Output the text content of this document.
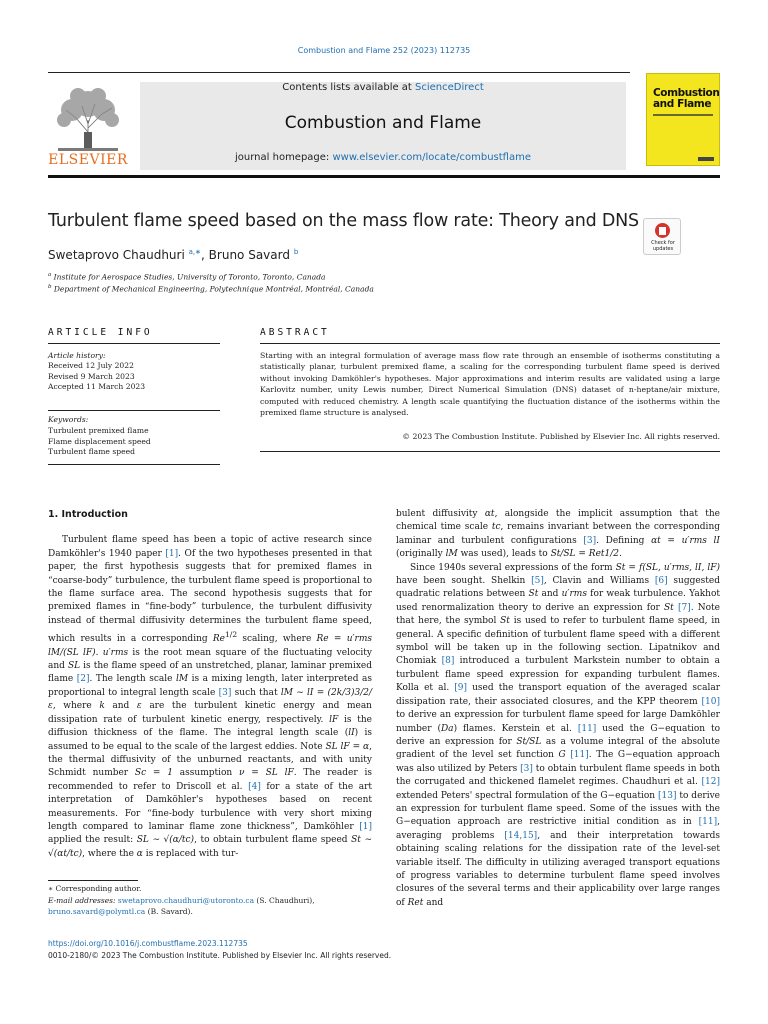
Combustion and Flame 252 (2023) 112735
ELSEVIER
Contents lists available at ScienceDirect
Combustion and Flame
journal homepage: www.elsevier.com/locate/combustflame
Combustion and Flame
Turbulent flame speed based on the mass flow rate: Theory and DNS
Check for updates
Swetaprovo Chaudhuri $^{a,∗}$, Bruno Savard $^b$
$^a$ Institute for Aerospace Studies, University of Toronto, Toronto, Canada
$^b$ Department of Mechanical Engineering, Polytechnique Montréal, Montréal, Canada
ARTICLE INFO	ABSTRACT
Article history:
Received 12 July 2022
Revised 9 March 2023
Accepted 11 March 2023
Keywords:
Turbulent premixed flame
Flame displacement speed
Turbulent flame speed
Starting with an integral formulation of average mass flow rate through an ensemble of isotherms constituting a statistically planar, turbulent premixed flame, a scaling for the corresponding turbulent flame speed is derived without invoking Damköhler's hypotheses. Major approximations and interim results are validated using a large Karlovitz number, unity Lewis number, Direct Numerical Simulation (DNS) dataset of n-heptane/air mixture, computed with reduced chemistry. A length scale quantifying the fluctuation distance of the isotherms within the premixed flame structure is analysed.
© 2023 The Combustion Institute. Published by Elsevier Inc. All rights reserved.
1. Introduction

Turbulent flame speed has been a topic of active research since Damköhler's 1940 paper [1]. Of the two hypotheses presented in that paper, the first hypothesis suggests that for premixed flames in “coarse-body” turbulence, the turbulent flame speed is proportional to the flame surface area. The second hypothesis suggests that for premixed flames in “fine-body” turbulence, the turbulent diffusivity instead of thermal diffusivity determines the turbulent flame speed, which results in a corresponding $Re^{1/2}$ scaling, where Re = u′rms lM/(SL lF). u′rms is the root mean square of the fluctuating velocity and SL is the flame speed of an unstretched, planar, laminar premixed flame [2]. The length scale lM is a mixing length, later interpreted as proportional to integral length scale [3] such that lM ∼ lI = (2k/3)3/2/ε, where k and ε are the turbulent kinetic energy and mean dissipation rate of turbulent kinetic energy, respectively. lF is the diffusion thickness of the flame. The integral length scale (lI) is assumed to be equal to the scale of the largest eddies. Note SL lF = α, the thermal diffusivity of the unburned reactants, and with unity Schmidt number Sc = 1 assumption ν = SL lF. The reader is recommended to refer to Driscoll et al. [4] for a state of the art interpretation of Damköhler's hypotheses based on recent measurements. For “fine-body turbulence with very short mixing length compared to laminar flame zone thickness”, Damköhler [1] applied the result: SL ∼ √(α/tc), to obtain turbulent flame speed St ∼ √(αt/tc), where the α is replaced with tur-

bulent diffusivity αt, alongside the implicit assumption that the chemical time scale tc, remains invariant between the corresponding laminar and turbulent configurations [3]. Defining αt = u′rms lI (originally lM was used), leads to St/SL = Ret1/2.

Since 1940s several expressions of the form St = f(SL, u′rms, lI, lF) have been sought. Shelkin [5], Clavin and Williams [6] suggested quadratic relations between St and u′rms for weak turbulence. Yakhot used renormalization theory to derive an expression for St [7]. Note that here, the symbol St is used to refer to turbulent flame speed, in general. A specific definition of turbulent flame speed with a different symbol will be taken up in the following section. Lipatnikov and Chomiak [8] introduced a turbulent Markstein number to obtain a turbulent flame speed expression for expanding turbulent flames. Kolla et al. [9] used the transport equation of the averaged scalar dissipation rate, their associated closures, and the KPP theorem [10] to derive an expression for turbulent flame speed for large Damköhler number (Da) flames. Kerstein et al. [11] used the G−equation to derive an expression for St/SL as a volume integral of the absolute gradient of the level set function G [11]. The G−equation approach was also utilized by Peters [3] to obtain turbulent flame speeds in both the corrugated and thickened flamelet regimes. Chaudhuri et al. [12] extended Peters' spectral formulation of the G−equation [13] to derive an expression for turbulent flame speed. Some of the issues with the G−equation approach are restrictive initial condition as in [11], averaging problems [14,15], and their interpretation towards obtaining scaling relations for the dissipation rate of the level-set variable itself. The difficulty in utilizing averaged transport equations of progress variables to determine turbulent flame speed involves closures of the several terms and their applicability over large ranges of Ret and

∗ Corresponding author.
E-mail addresses: swetaprovo.chaudhuri@utoronto.ca (S. Chaudhuri),
bruno.savard@polymtl.ca (B. Savard).
https://doi.org/10.1016/j.combustflame.2023.112735
0010-2180/© 2023 The Combustion Institute. Published by Elsevier Inc. All rights reserved.
